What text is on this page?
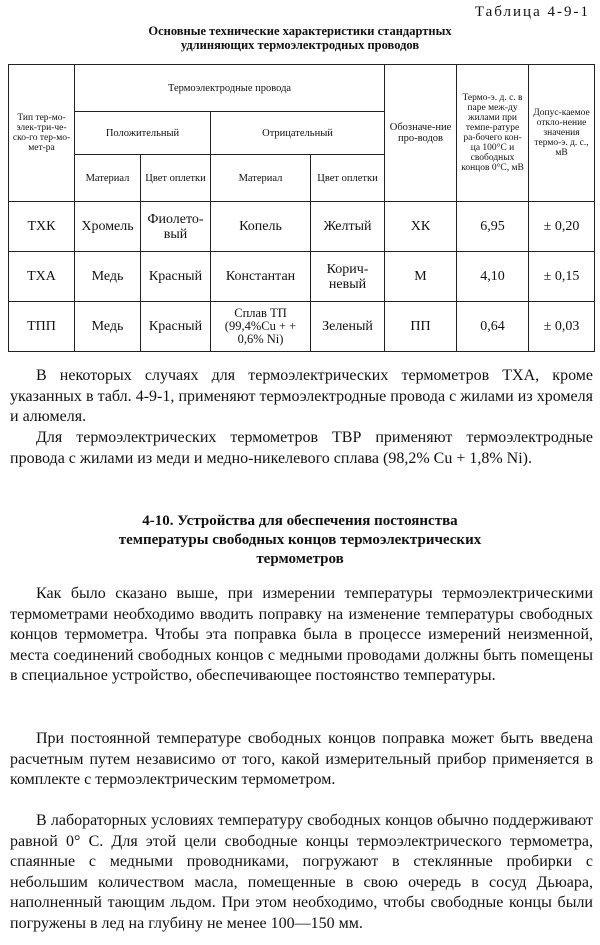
Таблица 4-9-1
Основные технические характеристики стандартных
удлиняющих термоэлектродных проводов
Тип тер-мо-элек-три-че-ско-го тер-мо-мет-ра	Термоэлектродные провода				Обозначе-ние про-водов	Термо-э. д. с. в паре меж-ду жилами при темпе-ратуре ра-бочего кон-ца 100°С и свободных концов 0°С, мВ	Допус-каемое откло-нение значения термо-э. д. с., мВ
	Положительный		Отрицательный				
	Материал	Цвет оплетки	Материал	Цвет оплетки			
ТХК	Хромель	Фиолето-вый	Копель	Желтый	ХК	6,95	± 0,20
ТХА	Медь	Красный	Константан	Корич-невый	М	4,10	± 0,15
ТПП	Медь	Красный	Сплав ТП (99,4%Cu + + 0,6% Ni)	Зеленый	ПП	0,64	± 0,03

В некоторых случаях для термоэлектрических термометров ТХА, кроме указанных в табл. 4-9-1, применяют термоэлектродные провода с жилами из хромеля и алюмеля.

Для термоэлектрических термометров ТВР применяют термоэлектродные провода с жилами из меди и медно-никелевого сплава (98,2% Cu + 1,8% Ni).

4-10. Устройства для обеспечения постоянства
температуры свободных концов термоэлектрических
термометров

Как было сказано выше, при измерении температуры термоэлектрическими термометрами необходимо вводить поправку на изменение температуры свободных концов термометра. Чтобы эта поправка была в процессе измерений неизменной, места соединений свободных концов с медными проводами должны быть помещены в специальное устройство, обеспечивающее постоянство температуры.

При постоянной температуре свободных концов поправка может быть введена расчетным путем независимо от того, какой измерительный прибор применяется в комплекте с термоэлектрическим термометром.

В лабораторных условиях температуру свободных концов обычно поддерживают равной 0° С. Для этой цели свободные концы термоэлектрического термометра, спаянные с медными проводниками, погружают в стеклянные пробирки с небольшим количеством масла, помещенные в свою очередь в сосуд Дьюара, наполненный тающим льдом. При этом необходимо, чтобы свободные концы были погружены в лед на глубину не менее 100—150 мм.
